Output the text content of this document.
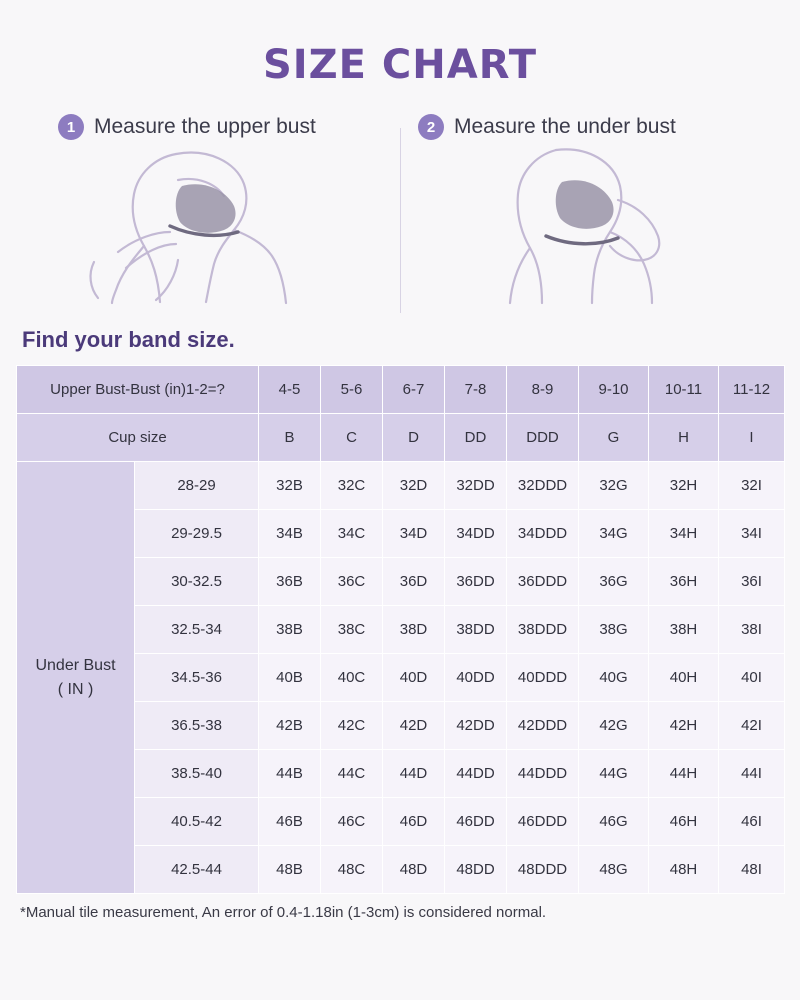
SIZE CHART
1 Measure the upper bust	2 Measure the under bust
Find your band size.
Upper Bust-Bust (in)1-2=?		4-5	5-6	6-7	7-8	8-9	9-10	10-11	11-12
Cup size		B	C	D	DD	DDD	G	H	I
Under Bust
( IN )	28-29	32B	32C	32D	32DD	32DDD	32G	32H	32I
	29-29.5	34B	34C	34D	34DD	34DDD	34G	34H	34I
	30-32.5	36B	36C	36D	36DD	36DDD	36G	36H	36I
	32.5-34	38B	38C	38D	38DD	38DDD	38G	38H	38I
	34.5-36	40B	40C	40D	40DD	40DDD	40G	40H	40I
	36.5-38	42B	42C	42D	42DD	42DDD	42G	42H	42I
	38.5-40	44B	44C	44D	44DD	44DDD	44G	44H	44I
	40.5-42	46B	46C	46D	46DD	46DDD	46G	46H	46I
	42.5-44	48B	48C	48D	48DD	48DDD	48G	48H	48I
*Manual tile measurement, An error of 0.4-1.18in (1-3cm) is considered normal.
